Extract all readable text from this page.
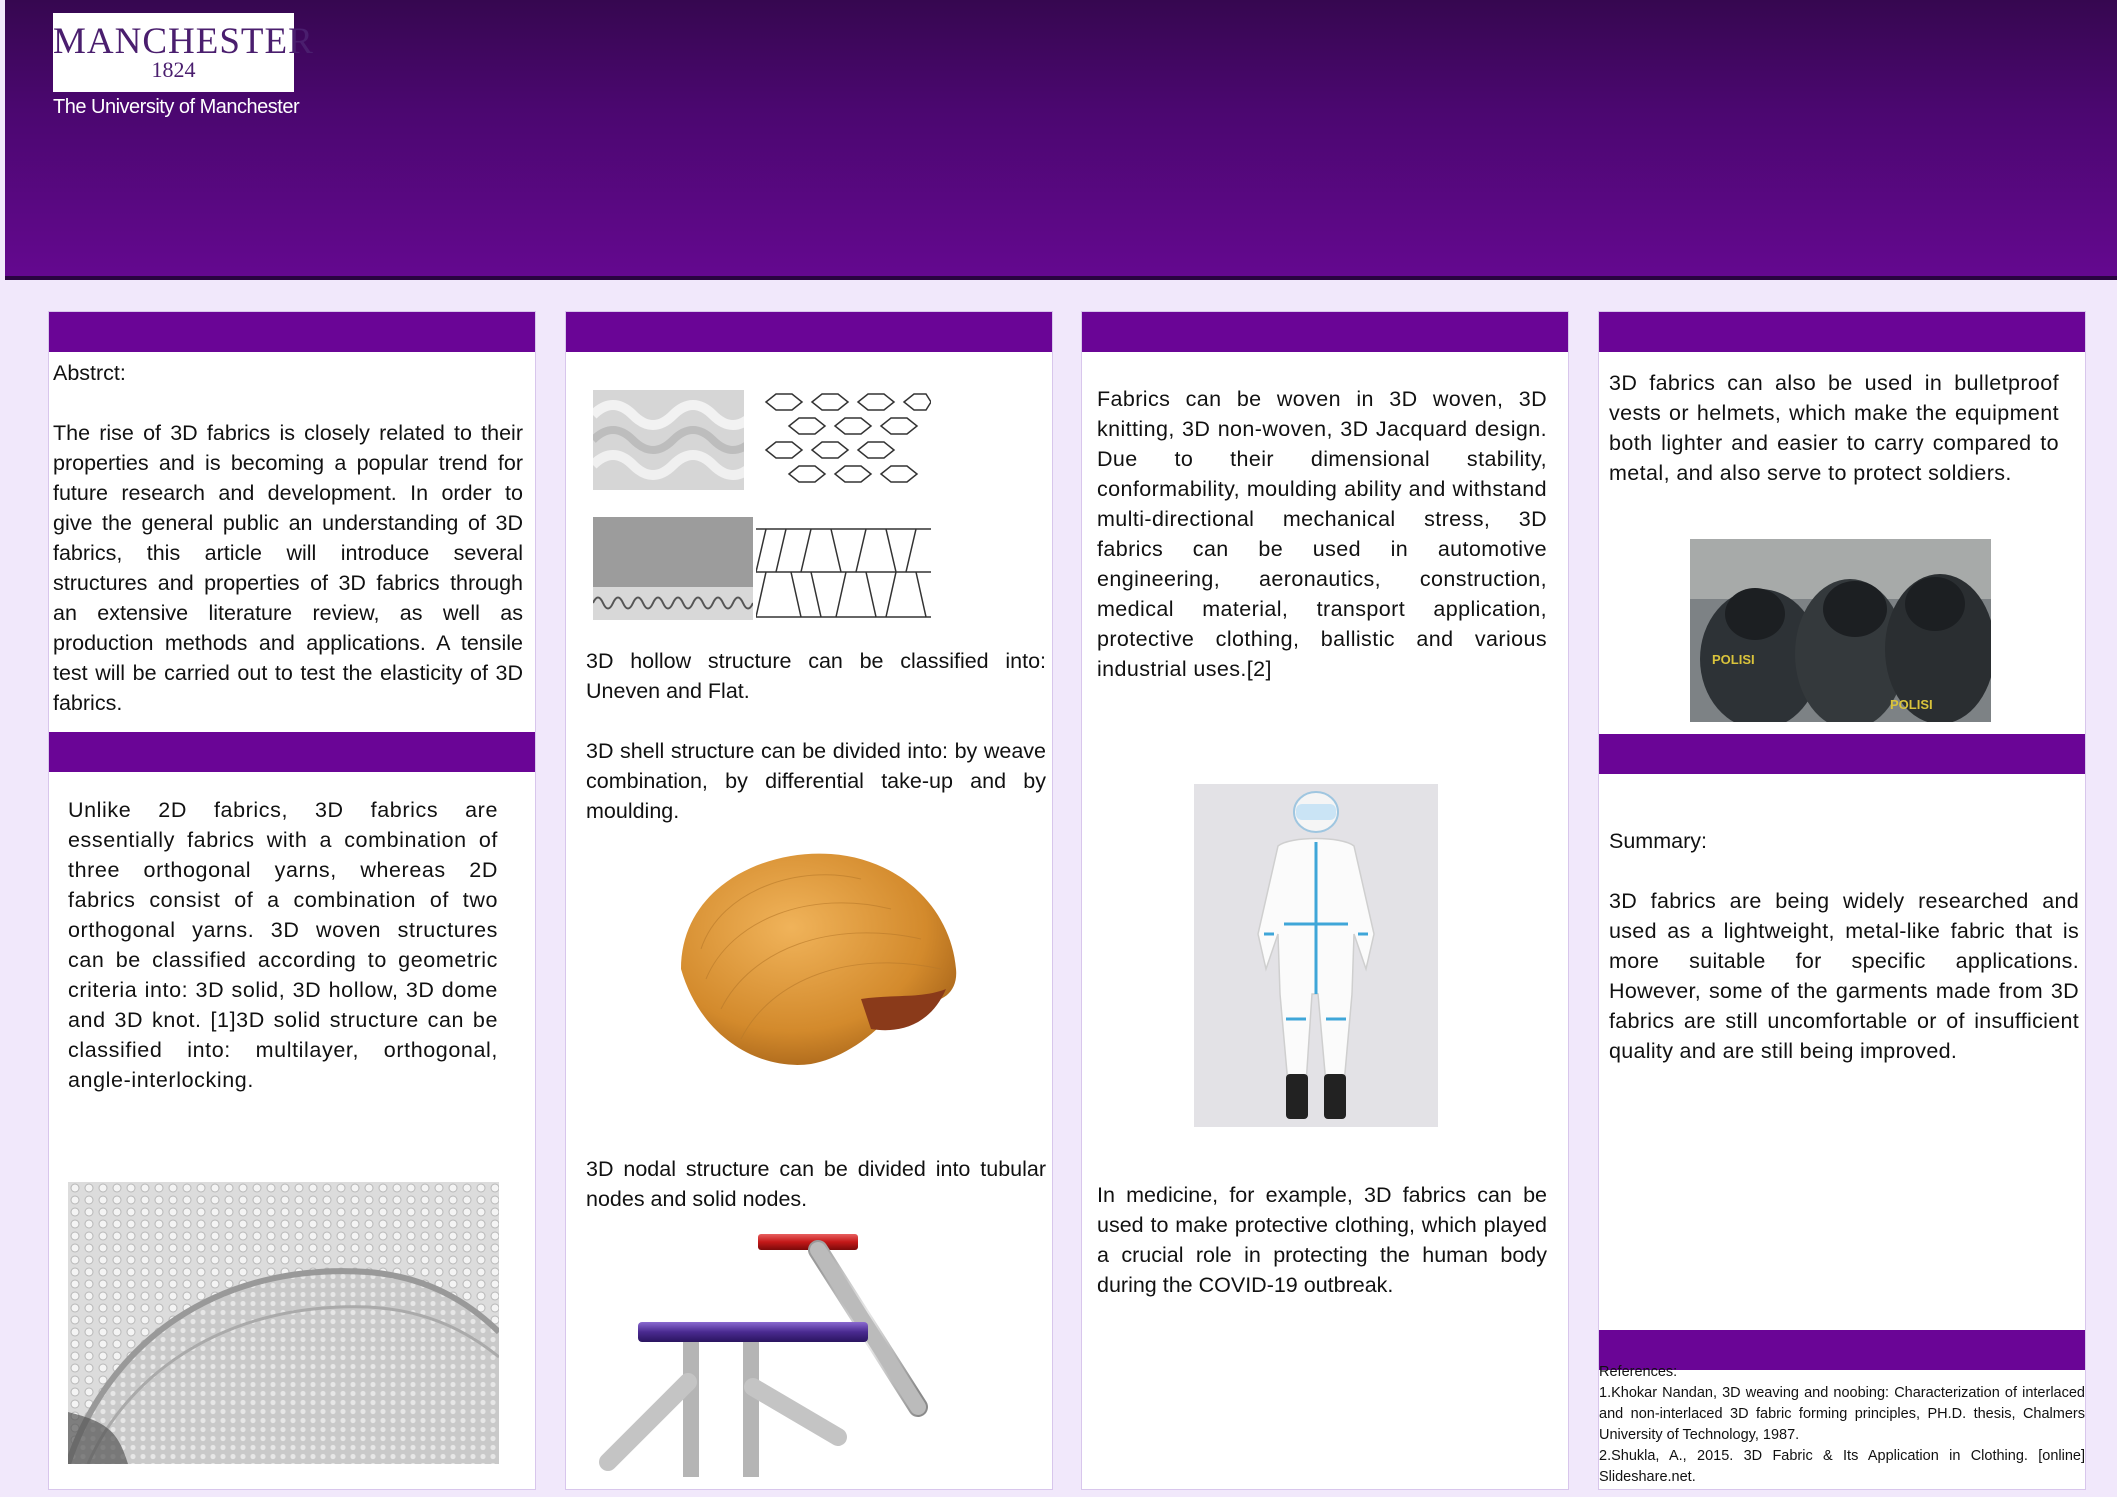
MANCHESTER
1824
The University of Manchester

Abstrct:

The rise of 3D fabrics is closely related to their properties and is becoming a popular trend for future research and development. In order to give the general public an understanding of 3D fabrics, this article will introduce several structures and properties of 3D fabrics through an extensive literature review, as well as production methods and applications. A tensile test will be carried out to test the elasticity of 3D fabrics.

Unlike 2D fabrics, 3D fabrics are essentially fabrics with a combination of three orthogonal yarns, whereas 2D fabrics consist of a combination of two orthogonal yarns. 3D woven structures can be classified according to geometric criteria into: 3D solid, 3D hollow, 3D dome and 3D knot. [1]3D solid structure can be classified into: multilayer, orthogonal, angle-interlocking.

3D hollow structure can be classified into: Uneven and Flat.

3D shell structure can be divided into: by weave combination, by differential take-up and by moulding.

3D nodal structure can be divided into tubular nodes and solid nodes.

Fabrics can be woven in 3D woven, 3D knitting, 3D non-woven, 3D Jacquard design. Due to their dimensional stability, conformability, moulding ability and withstand multi-directional mechanical stress, 3D fabrics can be used in automotive engineering, aeronautics, construction, medical material, transport application, protective clothing, ballistic and various industrial uses.[2]

In medicine, for example, 3D fabrics can be used to make protective clothing, which played a crucial role in protecting the human body during the COVID-19 outbreak.

3D fabrics can also be used in bulletproof vests or helmets, which make the equipment both lighter and easier to carry compared to metal, and also serve to protect soldiers.

POLISI
POLISI

Summary:

3D fabrics are being widely researched and used as a lightweight, metal-like fabric that is more suitable for specific applications. However, some of the garments made from 3D fabrics are still uncomfortable or of insufficient quality and are still being improved.

References:
1.Khokar Nandan, 3D weaving and noobing: Characterization of interlaced and non-interlaced 3D fabric forming principles, PH.D. thesis, Chalmers University of Technology, 1987.
2.Shukla, A., 2015. 3D Fabric & Its Application in Clothing. [online] Slideshare.net.
